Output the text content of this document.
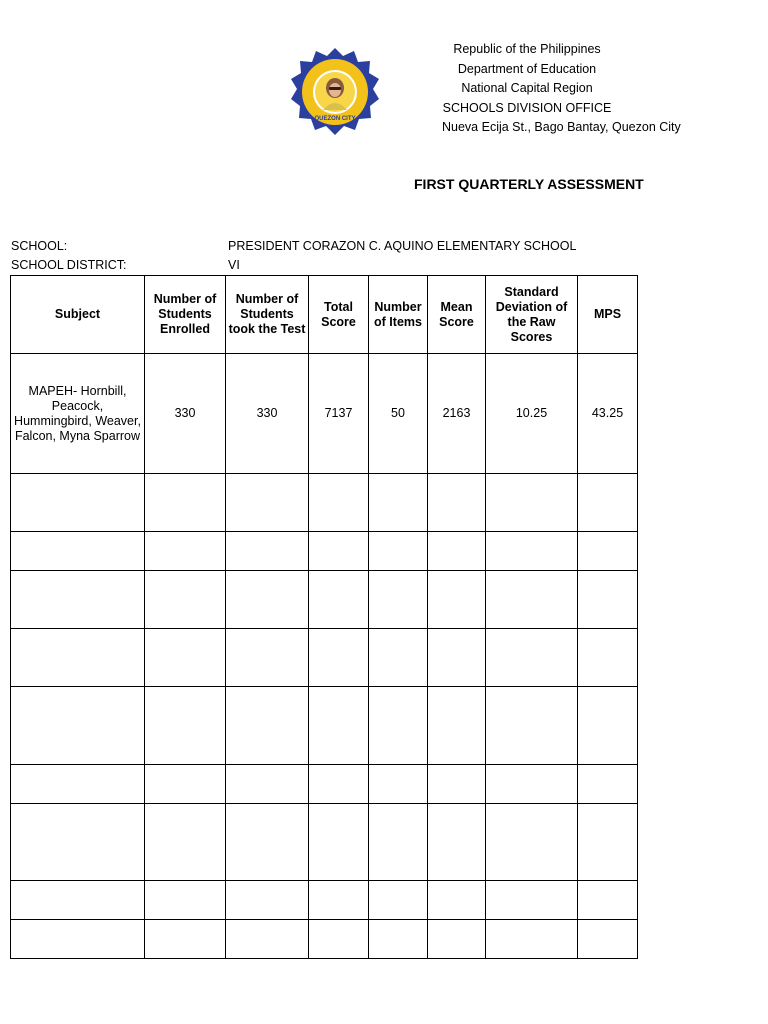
QUEZON CITY
Republic of the Philippines
Department of Education
National Capital Region
SCHOOLS DIVISION OFFICE
Nueva Ecija St., Bago Bantay, Quezon City
FIRST QUARTERLY ASSESSMENT
SCHOOL:	PRESIDENT CORAZON C. AQUINO ELEMENTARY SCHOOL
SCHOOL DISTRICT:	VI
Subject	Number of Students Enrolled	Number of Students took the Test	Total Score	Number of Items	Mean Score	Standard Deviation of the Raw Scores	MPS
MAPEH- Hornbill, Peacock, Hummingbird, Weaver, Falcon, Myna Sparrow	330	330	7137	50	2163	10.25	43.25
